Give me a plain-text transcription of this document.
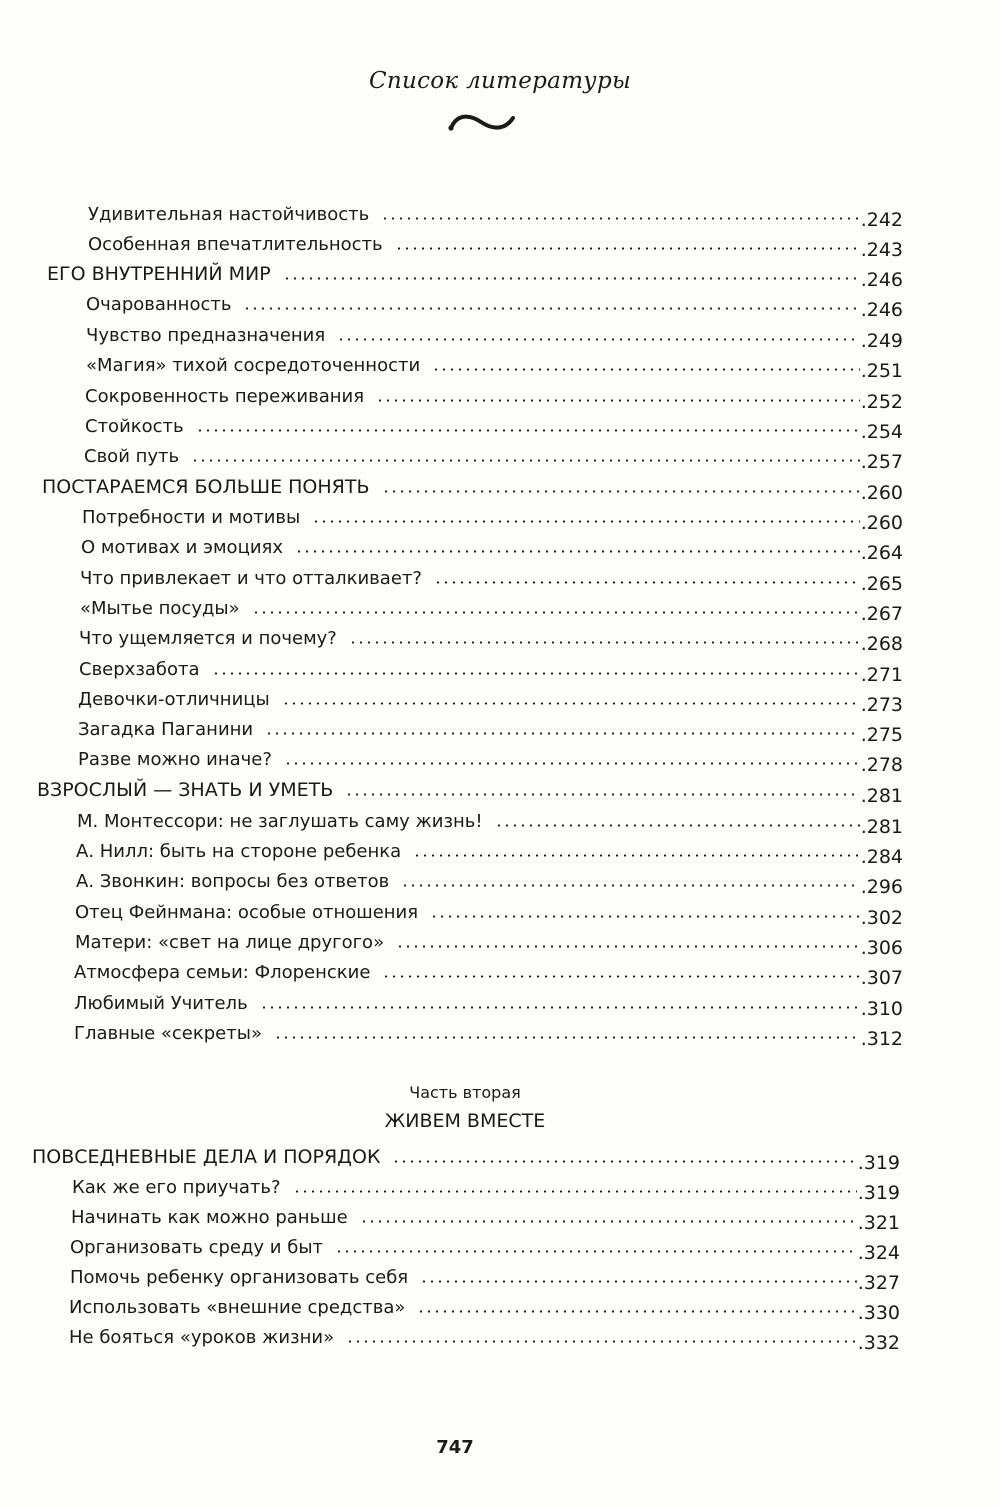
Список литературы
Удивительная настойчивость	.242
Особенная впечатлительность	.243
ЕГО ВНУТРЕННИЙ МИР	.246
Очарованность	.246
Чувство предназначения	.249
«Магия» тихой сосредоточенности	.251
Сокровенность переживания	.252
Стойкость	.254
Свой путь	.257
ПОСТАРАЕМСЯ БОЛЬШЕ ПОНЯТЬ	.260
Потребности и мотивы	.260
О мотивах и эмоциях	.264
Что привлекает и что отталкивает?	.265
«Мытье посуды»	.267
Что ущемляется и почему?	.268
Сверхзабота	.271
Девочки-отличницы	.273
Загадка Паганини	.275
Разве можно иначе?	.278
ВЗРОСЛЫЙ — ЗНАТЬ И УМЕТЬ	.281
М. Монтессори: не заглушать саму жизнь!	.281
А. Нилл: быть на стороне ребенка	.284
А. Звонкин: вопросы без ответов	.296
Отец Фейнмана: особые отношения	.302
Матери: «свет на лице другого»	.306
Атмосфера семьи: Флоренские	.307
Любимый Учитель	.310
Главные «секреты»	.312
Часть вторая
ЖИВЕМ ВМЕСТЕ
ПОВСЕДНЕВНЫЕ ДЕЛА И ПОРЯДОК	.319
Как же его приучать?	.319
Начинать как можно раньше	.321
Организовать среду и быт	.324
Помочь ребенку организовать себя	.327
Использовать «внешние средства»	.330
Не бояться «уроков жизни»	.332
747
